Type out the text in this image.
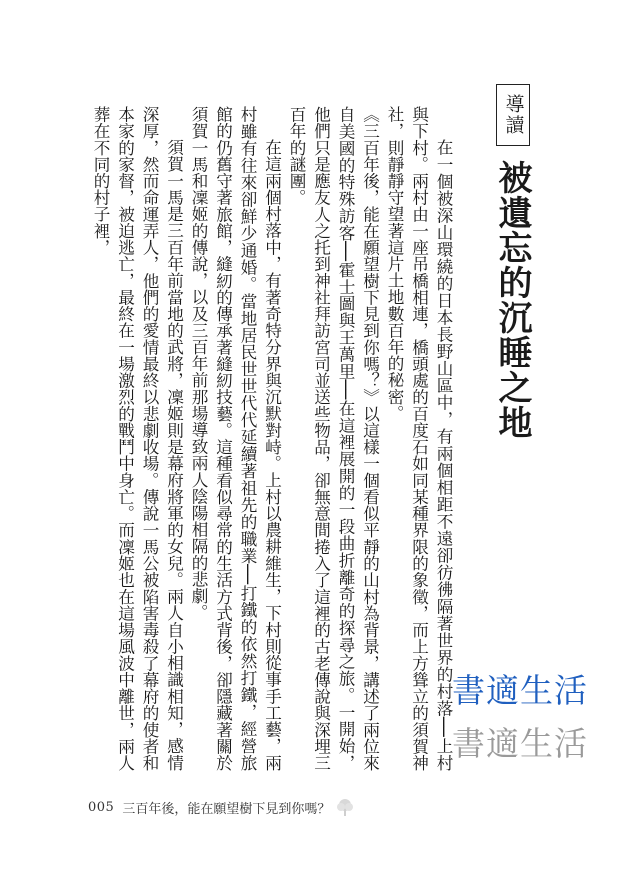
導讀
被遺忘的沉睡之地

在一個被深山環繞的日本長野山區中，有兩個相距不遠卻彷彿隔著世界的村落──上村與下村。兩村由一座吊橋相連，橋頭處的百度石如同某種界限的象徵，而上方聳立的須賀神社，則靜靜守望著這片土地數百年的秘密。

《三百年後，能在願望樹下見到你嗎？》以這樣一個看似平靜的山村為背景，講述了兩位來自美國的特殊訪客──霍士圖與王萬里──在這裡展開的一段曲折離奇的探尋之旅。一開始，他們只是應友人之托到神社拜訪宮司並送些物品，卻無意間捲入了這裡的古老傳說與深埋三百年的謎團。

在這兩個村落中，有著奇特分界與沉默對峙。上村以農耕維生，下村則從事手工藝，兩村雖有往來卻鮮少通婚。當地居民世世代代延續著祖先的職業──打鐵的依然打鐵，經營旅館的仍舊守著旅館，縫紉的傳承著縫紉技藝。這種看似尋常的生活方式背後，卻隱藏著關於須賀一馬和凜姬的傳說，以及三百年前那場導致兩人陰陽相隔的悲劇。

須賀一馬是三百年前當地的武將，凜姬則是幕府將軍的女兒。兩人自小相識相知，感情深厚，然而命運弄人，他們的愛情最終以悲劇收場。傳說一馬公被陷害毒殺了幕府的使者和本家的家督，被迫逃亡，最終在一場激烈的戰鬥中身亡。而凜姬也在這場風波中離世，兩人葬在不同的村子裡，

書適生活
書適生活
005 三百年後，能在願望樹下見到你嗎？
